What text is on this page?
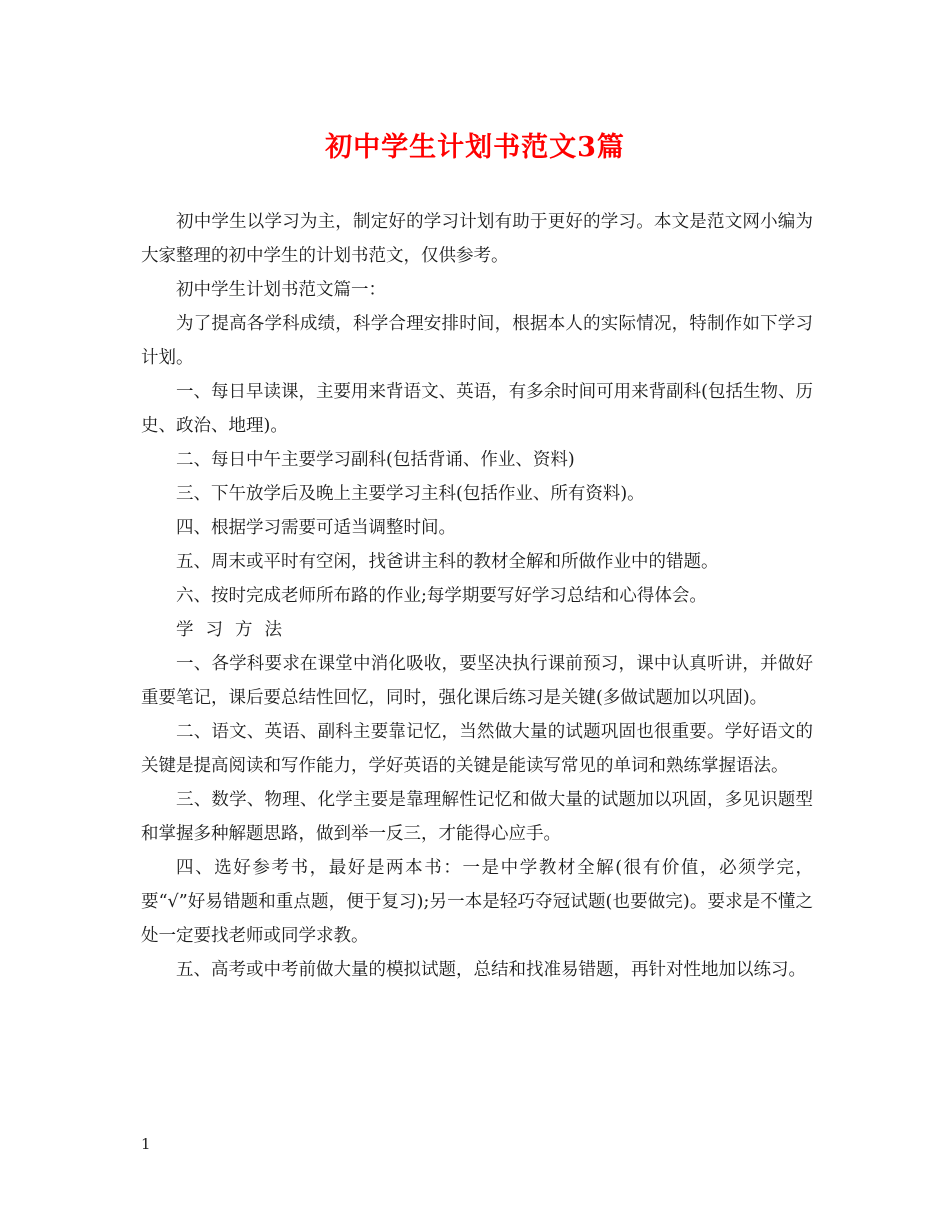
初中学生计划书范文3篇

初中学生以学习为主，制定好的学习计划有助于更好的学习。本文是范文网小编为大家整理的初中学生的计划书范文，仅供参考。

初中学生计划书范文篇一：

为了提高各学科成绩，科学合理安排时间，根据本人的实际情况，特制作如下学习计划。

一、每日早读课，主要用来背语文、英语，有多余时间可用来背副科(包括生物、历史、政治、地理)。

二、每日中午主要学习副科(包括背诵、作业、资料)

三、下午放学后及晚上主要学习主科(包括作业、所有资料)。

四、根据学习需要可适当调整时间。

五、周末或平时有空闲，找爸讲主科的教材全解和所做作业中的错题。

六、按时完成老师所布路的作业;每学期要写好学习总结和心得体会。

学习方法

一、各学科要求在课堂中消化吸收，要坚决执行课前预习，课中认真听讲，并做好重要笔记，课后要总结性回忆，同时，强化课后练习是关键(多做试题加以巩固)。

二、语文、英语、副科主要靠记忆，当然做大量的试题巩固也很重要。学好语文的关键是提高阅读和写作能力，学好英语的关键是能读写常见的单词和熟练掌握语法。

三、数学、物理、化学主要是靠理解性记忆和做大量的试题加以巩固，多见识题型和掌握多种解题思路，做到举一反三，才能得心应手。

四、选好参考书，最好是两本书：一是中学教材全解(很有价值，必须学完，要“√”好易错题和重点题，便于复习);另一本是轻巧夺冠试题(也要做完)。要求是不懂之处一定要找老师或同学求教。

五、高考或中考前做大量的模拟试题，总结和找准易错题，再针对性地加以练习。

1
